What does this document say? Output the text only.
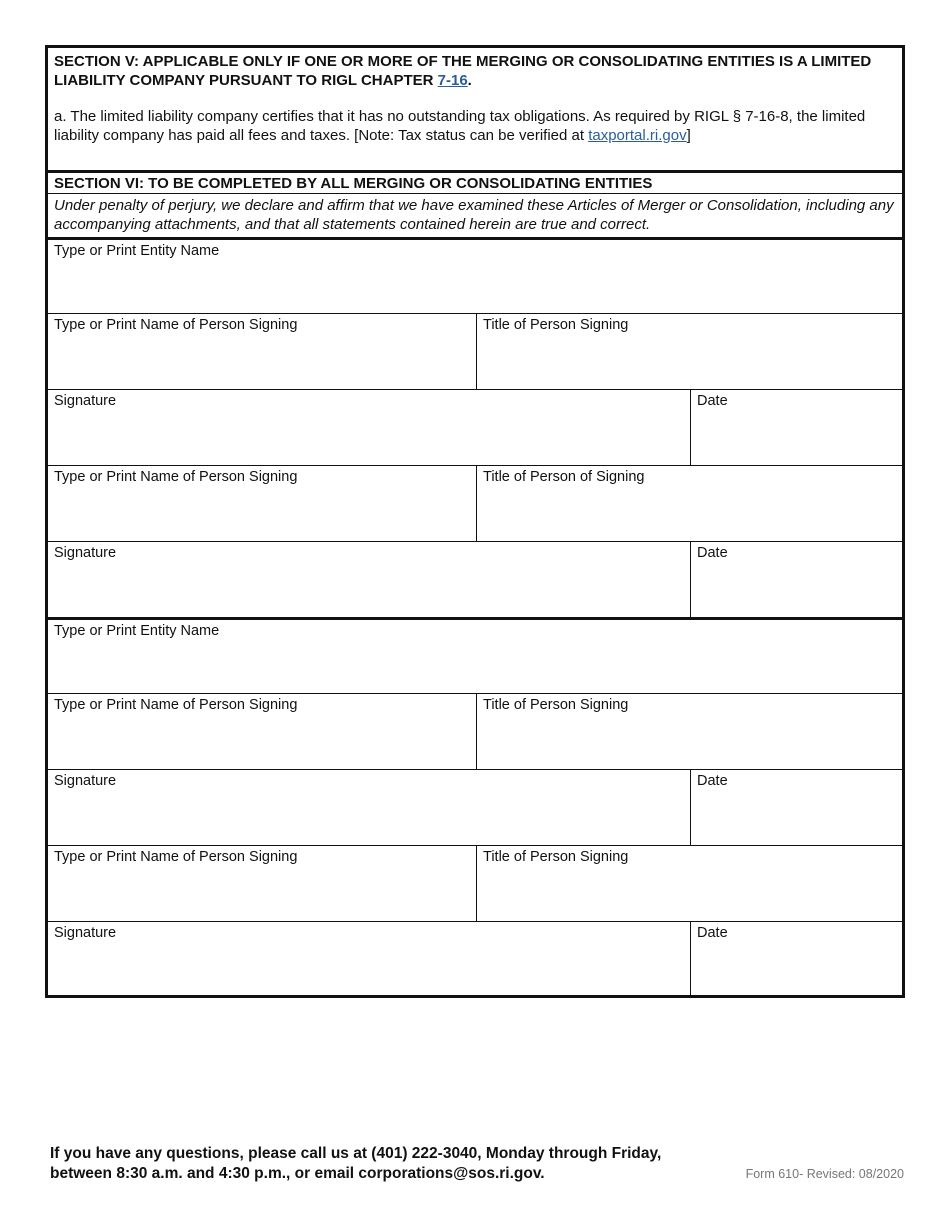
SECTION V: APPLICABLE ONLY IF ONE OR MORE OF THE MERGING OR CONSOLIDATING ENTITIES IS A LIMITED LIABILITY COMPANY PURSUANT TO RIGL CHAPTER 7-16.
a. The limited liability company certifies that it has no outstanding tax obligations. As required by RIGL § 7-16-8, the limited liability company has paid all fees and taxes. [Note: Tax status can be verified at taxportal.ri.gov]
SECTION VI: TO BE COMPLETED BY ALL MERGING OR CONSOLIDATING ENTITIES
Under penalty of perjury, we declare and affirm that we have examined these Articles of Merger or Consolidation, including any accompanying attachments, and that all statements contained herein are true and correct.
Type or Print Entity Name
Type or Print Name of Person Signing	Title of Person Signing
Signature	Date
Type or Print Name of Person Signing	Title of Person of Signing
Signature	Date
Type or Print Entity Name
Type or Print Name of Person Signing	Title of Person Signing
Signature	Date
Type or Print Name of Person Signing	Title of Person Signing
Signature	Date
If you have any questions, please call us at (401) 222-3040, Monday through Friday,
between 8:30 a.m. and 4:30 p.m., or email corporations@sos.ri.gov.	Form 610- Revised: 08/2020
